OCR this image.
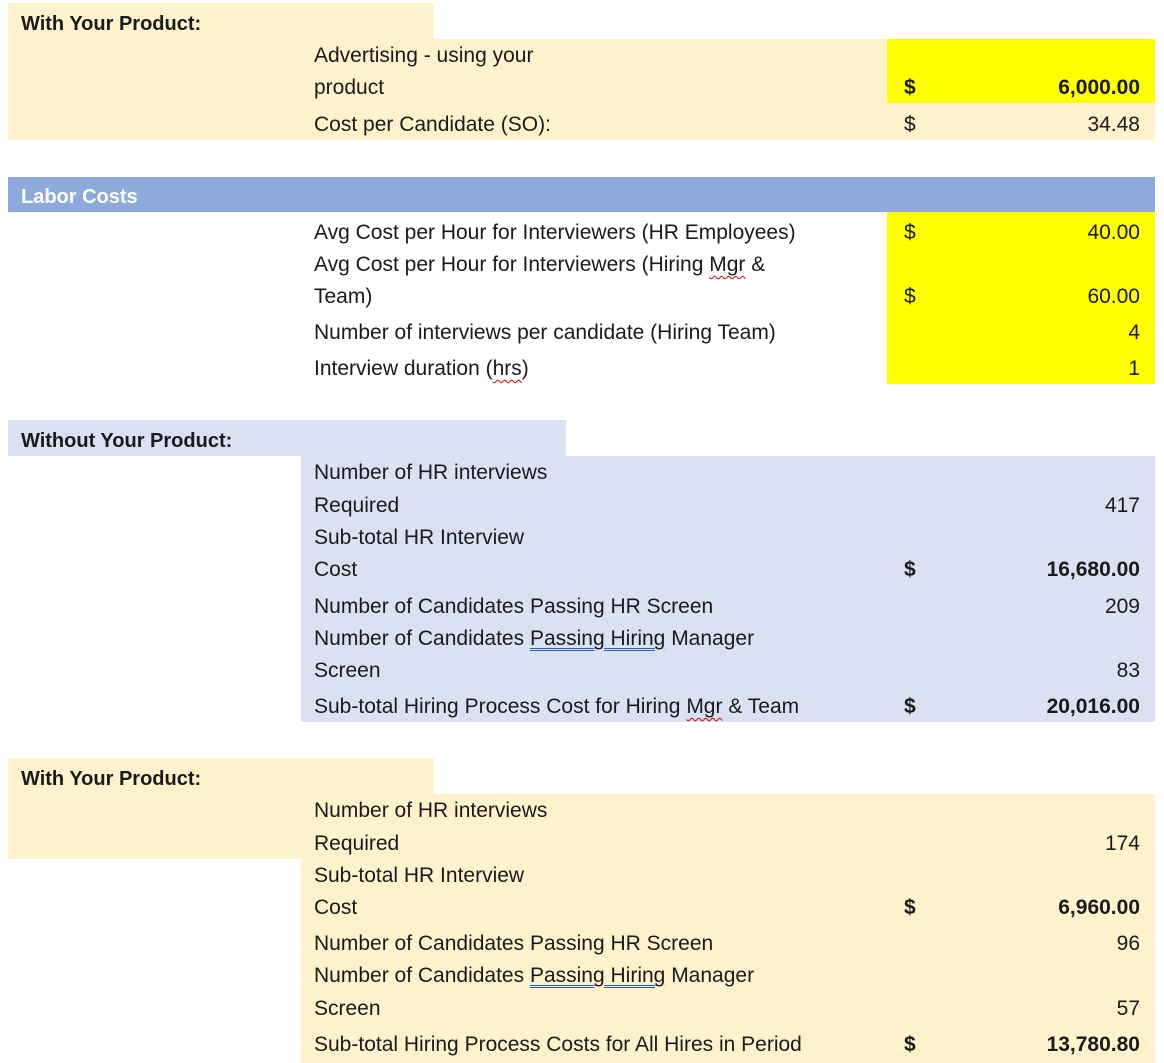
With Your Product:
Advertising - using your
product	$	6,000.00
Cost per Candidate (SO):	$	34.48
Labor Costs
Avg Cost per Hour for Interviewers (HR Employees)	$	40.00
Avg Cost per Hour for Interviewers (Hiring Mgr &
Team)	$	60.00
Number of interviews per candidate (Hiring Team)	4
Interview duration (hrs)	1
Without Your Product:
Number of HR interviews
Required	417
Sub-total HR Interview
Cost	$	16,680.00
Number of Candidates Passing HR Screen	209
Number of Candidates Passing Hiring Manager
Screen	83
Sub-total Hiring Process Cost for Hiring Mgr & Team	$	20,016.00
With Your Product:
Number of HR interviews
Required	174
Sub-total HR Interview
Cost	$	6,960.00
Number of Candidates Passing HR Screen	96
Number of Candidates Passing Hiring Manager
Screen	57
Sub-total Hiring Process Costs for All Hires in Period	$	13,780.80
